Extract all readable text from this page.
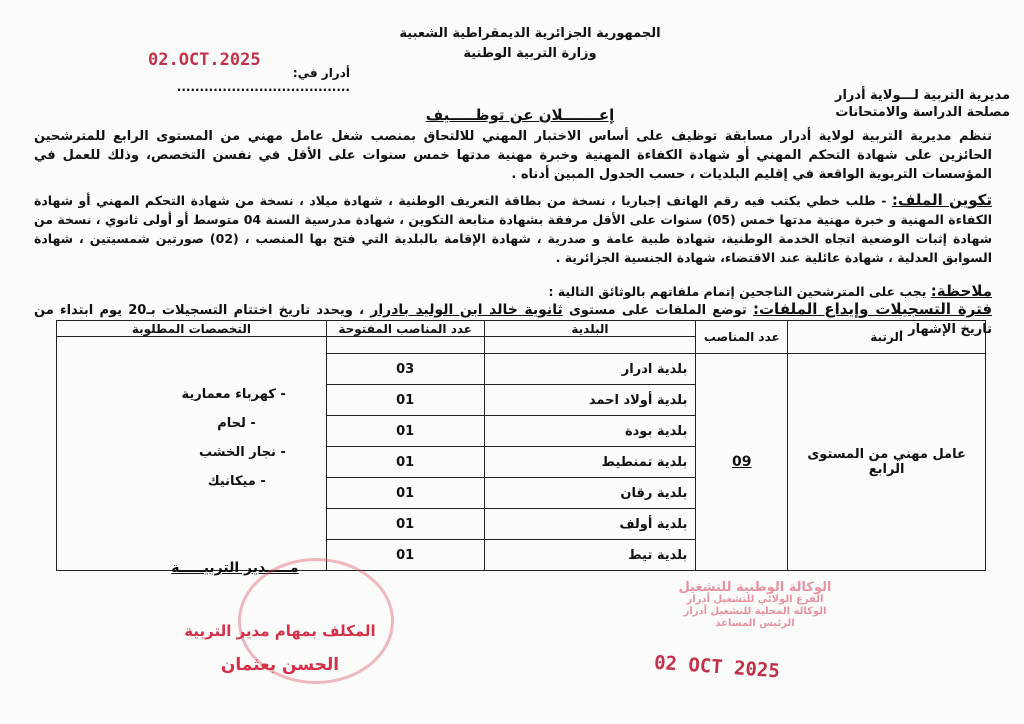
الجمهورية الجزائرية الديمقراطية الشعبية
وزارة التربية الوطنية
02.OCT.2025
أدرار في: ......................................
مديرية التربية لـــولاية أدرار
مصلحة الدراسة والامتحانات
إعـــــــلان عن توظـــــيف
تنظم مديرية التربية لولاية أدرار مسابقة توظيف على أساس الاختبار المهني للالتحاق بمنصب شغل عامل مهني من المستوى الرابع للمترشحين الحائزين على شهادة التحكم المهني أو شهادة الكفاءة المهنية وخبرة مهنية مدتها خمس سنوات على الأقل في نفسن التخصص، وذلك للعمل في المؤسسات التربوية الواقعة في إقليم البلديات ، حسب الجدول المبين أدناه .
تكوين الملف: - طلب خطي يكتب فيه رقم الهاتف إجباريا ، نسخة من بطاقة التعريف الوطنية ، شهادة ميلاد ، نسخة من شهادة التحكم المهني أو شهادة الكفاءة المهنية و خبرة مهنية مدتها خمس (05) سنوات على الأقل مرفقة بشهادة متابعة التكوين ، شهادة مدرسية السنة 04 متوسط أو أولى ثانوي ، نسخة من شهادة إثبات الوضعية اتجاه الخدمة الوطنية، شهادة طبية عامة و صدرية ، شهادة الإقامة بالبلدية التي فتح بها المنصب ، (02) صورتين شمسيتين ، شهادة السوابق العدلية ، شهادة عائلية عند الاقتضاء، شهادة الجنسية الجزائرية .
ملاحظة: يجب على المترشحين الناجحين إتمام ملفاتهم بالوثائق التالية :
فترة التسجيلات وإيداع الملفات: توضع الملفات على مستوى ثانوية خالد ابن الوليد بادرار ، ويحدد تاريخ اختتام التسجيلات بـ20 يوم ابتداء من تاريخ الإشهار .
الرتبة	عدد المناصب	البلدية	عدد المناصب المفتوحة	التخصصات المطلوبة

				- كهرباء معمارية
- لحام
- نجار الخشب
- ميكانيك

عامل مهني من المستوى الرابع	09	بلدية ادرار	03	
		بلدية أولاد احمد	01	
		بلدية بودة	01	
		بلدية تمنطيط	01	
		بلدية رقان	01	
		بلدية أولف	01	
		بلدية تيط	01	
مـــــدير التربيـــــة
المكلف بمهام مدير التربية
الحسن بعثمان
الوكالة الوطنية للتشغيل
الفرع الولائي للتشغيل أدرار
الوكالة المحلية للتشغيل أدرار
الرئيس المساعد
02 OCT 2025
